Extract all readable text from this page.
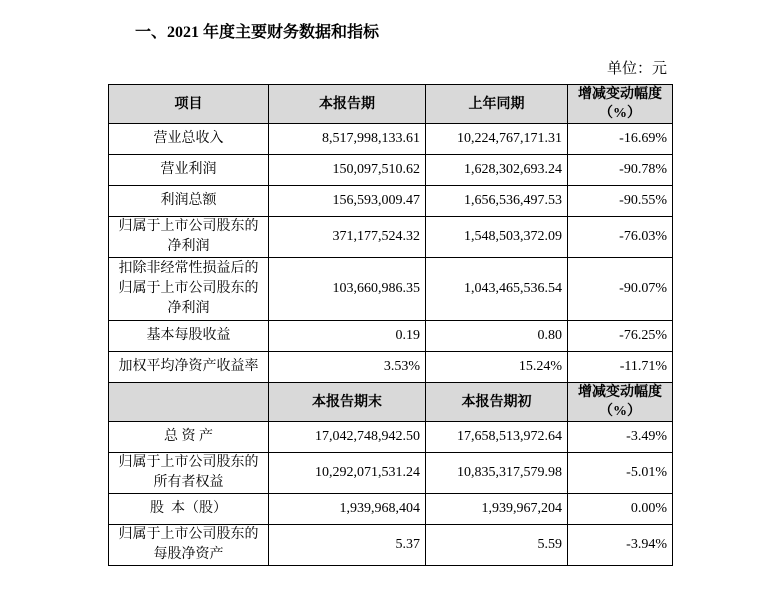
一、2021 年度主要财务数据和指标
单位：元
项目	本报告期	上年同期	增减变动幅度
（%）

营业总收入	8,517,998,133.61	10,224,767,171.31	-16.69%

营业利润	150,097,510.62	1,628,302,693.24	-90.78%

利润总额	156,593,009.47	1,656,536,497.53	-90.55%

归属于上市公司股东的
净利润	371,177,524.32	1,548,503,372.09	-76.03%

扣除非经常性损益后的
归属于上市公司股东的
净利润	103,660,986.35	1,043,465,536.54	-90.07%

基本每股收益	0.19	0.80	-76.25%

加权平均净资产收益率	3.53%	15.24%	-11.71%

	本报告期末	本报告期初	增减变动幅度
（%）

总 资 产	17,042,748,942.50	17,658,513,972.64	-3.49%

归属于上市公司股东的
所有者权益	10,292,071,531.24	10,835,317,579.98	-5.01%

股  本（股）	1,939,968,404	1,939,967,204	0.00%

归属于上市公司股东的
每股净资产	5.37	5.59	-3.94%
